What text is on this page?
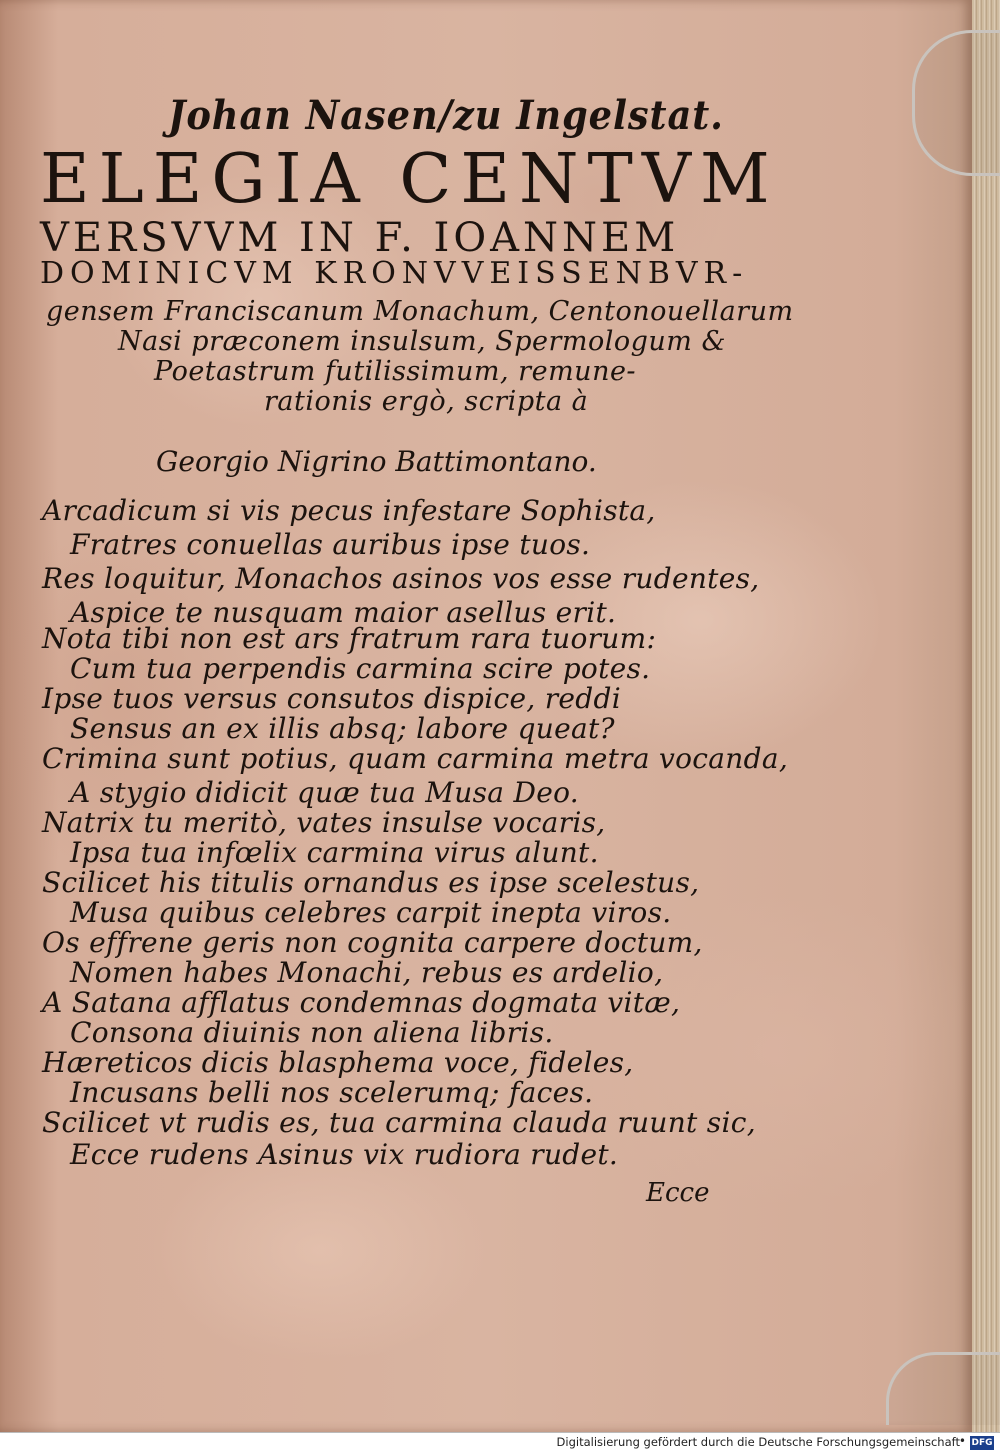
Johan Nasen/zu Ingelstat.
ELEGIA CENTVM
VERSVVM IN F. IOANNEM
DOMINICVM KRONVVEISSENBVR-
gensem Franciscanum Monachum, Centonouellarum
Nasi præconem insulsum, Spermologum &
Poetastrum futilissimum, remune-
rationis ergò, scripta à
Georgio Nigrino Battimontano.
Arcadicum si vis pecus infestare Sophista,
Fratres conuellas auribus ipse tuos.
Res loquitur, Monachos asinos vos esse rudentes,
Aspice te nusquam maior asellus erit.
Nota tibi non est ars fratrum rara tuorum:
Cum tua perpendis carmina scire potes.
Ipse tuos versus consutos dispice, reddi
Sensus an ex illis absq; labore queat?
Crimina sunt potius, quam carmina metra vocanda,
A stygio didicit quæ tua Musa Deo.
Natrix tu meritò, vates insulse vocaris,
Ipsa tua infœlix carmina virus alunt.
Scilicet his titulis ornandus es ipse scelestus,
Musa quibus celebres carpit inepta viros.
Os effrene geris non cognita carpere doctum,
Nomen habes Monachi, rebus es ardelio,
A Satana afflatus condemnas dogmata vitæ,
Consona diuinis non aliena libris.
Hæreticos dicis blasphema voce, fideles,
Incusans belli nos scelerumq; faces.
Scilicet vt rudis es, tua carmina clauda ruunt sic,
Ecce rudens Asinus vix rudiora rudet.
Ecce
Digitalisierung gefördert durch die Deutsche Forschungsgemeinschaft
• DFG
